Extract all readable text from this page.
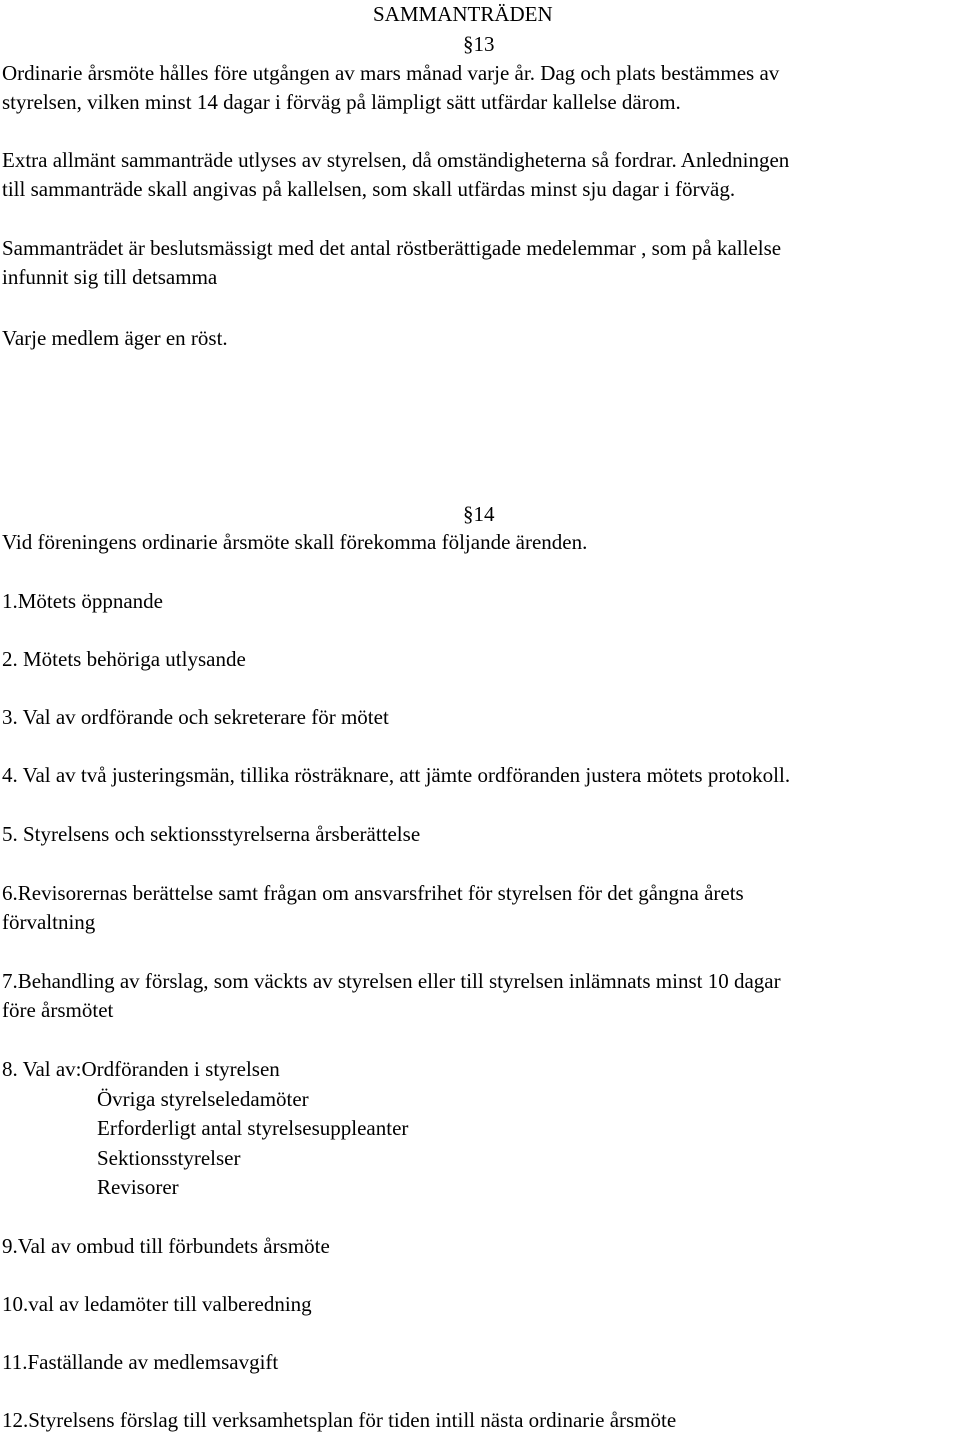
SAMMANTRÄDEN
§13
Ordinarie årsmöte hålles före utgången av mars månad varje år. Dag och plats bestämmes av
styrelsen, vilken minst 14 dagar i förväg på lämpligt sätt utfärdar kallelse därom.
Extra allmänt sammanträde utlyses av styrelsen, då omständigheterna så fordrar. Anledningen
till sammanträde skall angivas på kallelsen, som skall utfärdas minst sju dagar i förväg.
Sammanträdet är beslutsmässigt med det antal röstberättigade medelemmar , som på kallelse
infunnit sig till detsamma
Varje medlem äger en röst.
§14
Vid föreningens ordinarie årsmöte skall förekomma följande ärenden.
1.Mötets öppnande
2. Mötets behöriga utlysande
3. Val av ordförande och sekreterare för mötet
4. Val av två justeringsmän, tillika rösträknare, att jämte ordföranden justera mötets protokoll.
5. Styrelsens och sektionsstyrelserna årsberättelse
6.Revisorernas berättelse samt frågan om ansvarsfrihet för styrelsen för det gångna årets
förvaltning
7.Behandling av förslag, som väckts av styrelsen eller till styrelsen inlämnats minst 10 dagar
före årsmötet
8. Val av:Ordföranden i styrelsen
Övriga styrelseledamöter
Erforderligt antal styrelsesuppleanter
Sektionsstyrelser
Revisorer
9.Val av ombud till förbundets årsmöte
10.val av ledamöter till valberedning
11.Faställande av medlemsavgift
12.Styrelsens förslag till verksamhetsplan för tiden intill nästa ordinarie årsmöte
